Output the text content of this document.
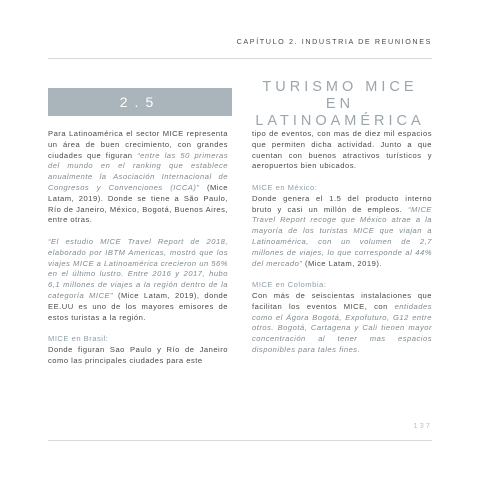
CAPÍTULO 2. INDUSTRIA DE REUNIONES
2.5
TURISMO MICE EN
LATINOAMÉRICA

Para Latinoamérica el sector MICE representa un área de buen crecimiento, con grandes ciudades que figuran “entre las 50 primeras del mundo en el ranking que establece anualmente la Asociación Internacional de Congresos y Convenciones (ICCA)” (Mice Latam, 2019). Donde se tiene a São Paulo, Río de Janeiro, México, Bogotá, Buenos Aires, entre otras.

“El estudio MICE Travel Report de 2018, elaborado por IBTM Americas, mostró que los viajes MICE a Latinoamérica crecieron un 56% en el último lustro. Entre 2016 y 2017, hubo 6,1 millones de viajes a la región dentro de la categoría MICE” (Mice Latam, 2019), donde EE.UU es uno de los mayores emisores de estos turistas a la región.

MICE en Brasil:

Donde figuran Sao Paulo y Río de Janeiro como las principales ciudades para este

tipo de eventos, con mas de diez mil espacios que permiten dicha actividad. Junto a que cuentan con buenos atractivos turísticos y aeropuertos bien ubicados.

MICE en México:

Donde genera el 1.5 del producto interno bruto y casi un millón de empleos. “MICE Travel Report recoge que México atrae a la mayoría de los turistas MICE que viajan a Latinoamérica, con un volumen de 2,7 millones de viajes, lo que corresponde al 44% del mercado” (Mice Latam, 2019).

MICE en Colombia:

Con más de seiscientas instalaciones que facilitan los eventos MICE, con entidades como el Ágora Bogotá, Expofuturo, G12 entre otros. Bogotá, Cartagena y Cali tienen mayor concentración al tener mas espacios disponibles para tales fines.

137
